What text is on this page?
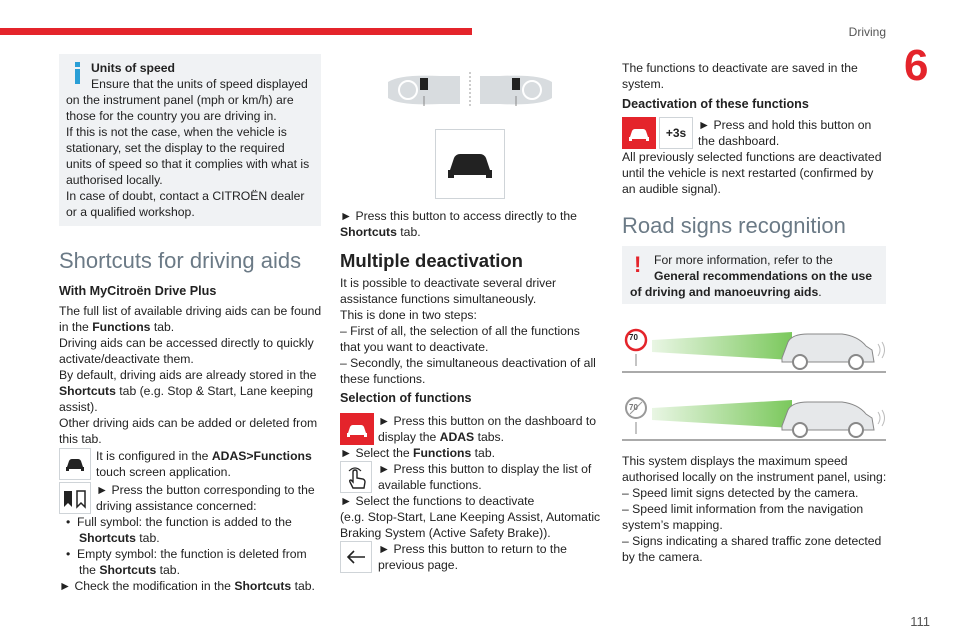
Driving
6
Units of speed
Ensure that the units of speed displayed
on the instrument panel (mph or km/h) are
those for the country you are driving in.
If this is not the case, when the vehicle is
stationary, set the display to the required
units of speed so that it complies with what is
authorised locally.
In case of doubt, contact a CITROËN dealer
or a qualified workshop.
Shortcuts for driving aids
With MyCitroën Drive Plus
The full list of available driving aids can be found
in the Functions tab.
Driving aids can be accessed directly to quickly
activate/deactivate them.
By default, driving aids are already stored in the
Shortcuts tab (e.g. Stop & Start, Lane keeping
assist).
Other driving aids can be added or deleted from
this tab.
It is configured in the ADAS>Functions
touch screen application.
► Press the button corresponding to the
driving assistance concerned:
•  Full symbol: the function is added to the
Shortcuts tab.
•  Empty symbol: the function is deleted from
the Shortcuts tab.
► Check the modification in the Shortcuts tab.
► Press this button to access directly to the
Shortcuts tab.
Multiple deactivation
It is possible to deactivate several driver
assistance functions simultaneously.
This is done in two steps:
– First of all, the selection of all the functions
that you want to deactivate.
– Secondly, the simultaneous deactivation of all
these functions.
Selection of functions
► Press this button on the dashboard to
display the ADAS tabs.
► Select the Functions tab.
► Press this button to display the list of
available functions.
► Select the functions to deactivate
(e.g. Stop-Start, Lane Keeping Assist, Automatic
Braking System (Active Safety Brake)).
► Press this button to return to the
previous page.
The functions to deactivate are saved in the
system.
Deactivation of these functions
+3s
► Press and hold this button on
the dashboard.
All previously selected functions are deactivated
until the vehicle is next restarted (confirmed by
an audible signal).
Road signs recognition
! For more information, refer to the
General recommendations on the use
of driving and manoeuvring aids.
70
70
This system displays the maximum speed
authorised locally on the instrument panel, using:
– Speed limit signs detected by the camera.
– Speed limit information from the navigation
system’s mapping.
– Signs indicating a shared traffic zone detected
by the camera.
111
